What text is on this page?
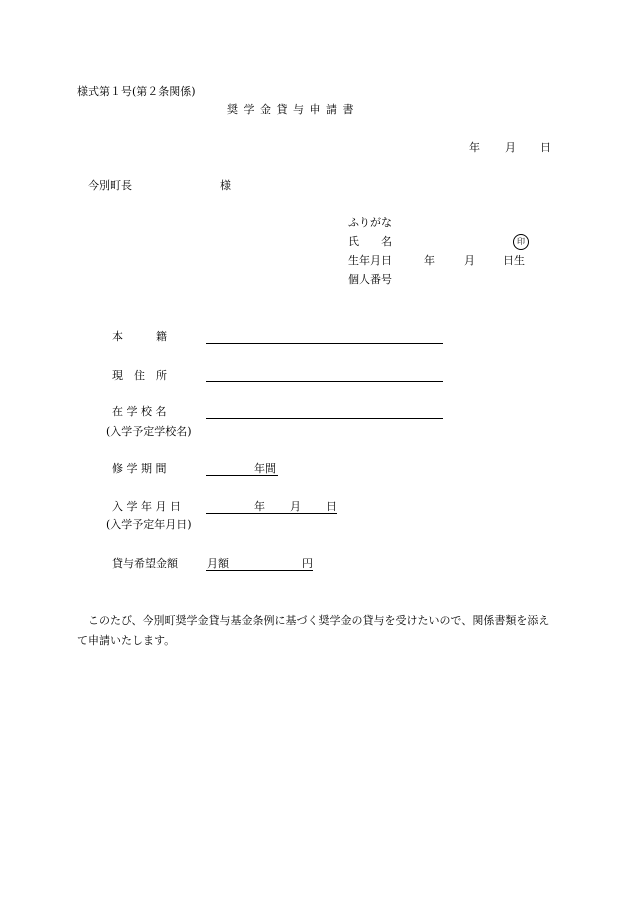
様式第１号(第２条関係)
奨 学 金 貸 与 申 請 書
年 月 日
今別町長	様
ふりがな
氏　　名	印
生年月日	年	月	日生
個人番号
本　　　籍
現　住　所
在 学 校 名
(入学予定学校名)
修 学 期 間	年間
入 学 年 月 日	年 月 日
(入学予定年月日)
貸与希望金額	月額	円
このたび、今別町奨学金貸与基金条例に基づく奨学金の貸与を受けたいので、関係書類を添えて申請いたします。
